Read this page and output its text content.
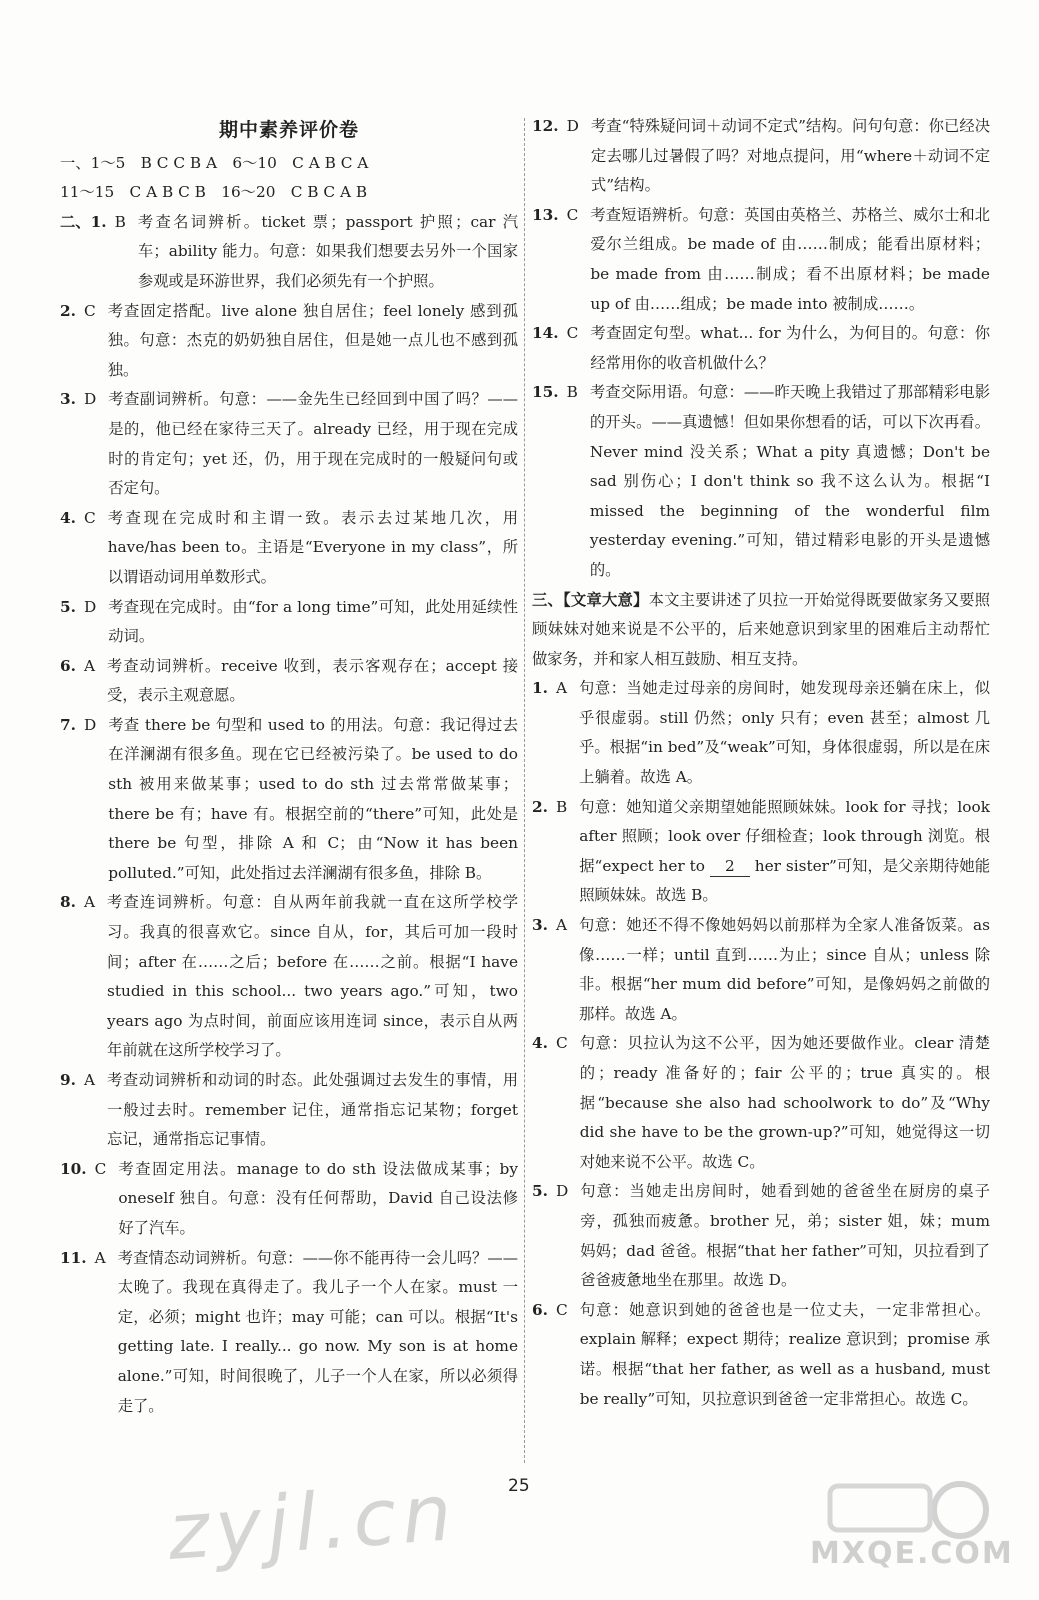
期中素养评价卷

一、1～5　B C C B A　6～10　C A B C A

11～15　C A B C B　16～20　C B C A B

二、1. B 考查名词辨析。ticket 票；passport 护照；car 汽车；ability 能力。句意：如果我们想要去另外一个国家参观或是环游世界，我们必须先有一个护照。
2. C 考查固定搭配。live alone 独自居住；feel lonely 感到孤独。句意：杰克的奶奶独自居住，但是她一点儿也不感到孤独。
3. D 考查副词辨析。句意：——金先生已经回到中国了吗？——是的，他已经在家待三天了。already 已经，用于现在完成时的肯定句；yet 还，仍，用于现在完成时的一般疑问句或否定句。
4. C 考查现在完成时和主谓一致。表示去过某地几次，用 have/has been to。主语是“Everyone in my class”，所以谓语动词用单数形式。
5. D 考查现在完成时。由“for a long time”可知，此处用延续性动词。
6. A 考查动词辨析。receive 收到，表示客观存在；accept 接受，表示主观意愿。
7. D 考查 there be 句型和 used to 的用法。句意：我记得过去在洋澜湖有很多鱼。现在它已经被污染了。be used to do sth 被用来做某事；used to do sth 过去常常做某事；there be 有；have 有。根据空前的“there”可知，此处是 there be 句型，排除 A 和 C；由“Now it has been polluted.”可知，此处指过去洋澜湖有很多鱼，排除 B。
8. A 考查连词辨析。句意：自从两年前我就一直在这所学校学习。我真的很喜欢它。since 自从，for，其后可加一段时间；after 在……之后；before 在……之前。根据“I have studied in this school... two years ago.”可知，two years ago 为点时间，前面应该用连词 since，表示自从两年前就在这所学校学习了。
9. A 考查动词辨析和动词的时态。此处强调过去发生的事情，用一般过去时。remember 记住，通常指忘记某物；forget 忘记，通常指忘记事情。
10. C 考查固定用法。manage to do sth 设法做成某事；by oneself 独自。句意：没有任何帮助，David 自己设法修好了汽车。
11. A 考查情态动词辨析。句意：——你不能再待一会儿吗？——太晚了。我现在真得走了。我儿子一个人在家。must 一定，必须；might 也许；may 可能；can 可以。根据“It's getting late. I really... go now. My son is at home alone.”可知，时间很晚了，儿子一个人在家，所以必须得走了。
12. D 考查“特殊疑问词＋动词不定式”结构。问句句意：你已经决定去哪儿过暑假了吗？对地点提问，用“where＋动词不定式”结构。
13. C 考查短语辨析。句意：英国由英格兰、苏格兰、威尔士和北爱尔兰组成。be made of 由……制成；能看出原材料；be made from 由……制成；看不出原材料；be made up of 由……组成；be made into 被制成……。
14. C 考查固定句型。what... for 为什么，为何目的。句意：你经常用你的收音机做什么？
15. B 考查交际用语。句意：——昨天晚上我错过了那部精彩电影的开头。——真遗憾！但如果你想看的话，可以下次再看。Never mind 没关系；What a pity 真遗憾；Don't be sad 别伤心；I don't think so 我不这么认为。根据“I missed the beginning of the wonderful film yesterday evening.”可知，错过精彩电影的开头是遗憾的。

三、【文章大意】本文主要讲述了贝拉一开始觉得既要做家务又要照顾妹妹对她来说是不公平的，后来她意识到家里的困难后主动帮忙做家务，并和家人相互鼓励、相互支持。

1. A 句意：当她走过母亲的房间时，她发现母亲还躺在床上，似乎很虚弱。still 仍然；only 只有；even 甚至；almost 几乎。根据“in bed”及“weak”可知，身体很虚弱，所以是在床上躺着。故选 A。
2. B 句意：她知道父亲期望她能照顾妹妹。look for 寻找；look after 照顾；look over 仔细检查；look through 浏览。根据“expect her to 2 her sister”可知，是父亲期待她能照顾妹妹。故选 B。
3. A 句意：她还不得不像她妈妈以前那样为全家人准备饭菜。as 像……一样；until 直到……为止；since 自从；unless 除非。根据“her mum did before”可知，是像妈妈之前做的那样。故选 A。
4. C 句意：贝拉认为这不公平，因为她还要做作业。clear 清楚的；ready 准备好的；fair 公平的；true 真实的。根据“because she also had schoolwork to do”及“Why did she have to be the grown-up?”可知，她觉得这一切对她来说不公平。故选 C。
5. D 句意：当她走出房间时，她看到她的爸爸坐在厨房的桌子旁，孤独而疲惫。brother 兄，弟；sister 姐，妹；mum 妈妈；dad 爸爸。根据“that her father”可知，贝拉看到了爸爸疲惫地坐在那里。故选 D。
6. C 句意：她意识到她的爸爸也是一位丈夫，一定非常担心。explain 解释；expect 期待；realize 意识到；promise 承诺。根据“that her father, as well as a husband, must be really”可知，贝拉意识到爸爸一定非常担心。故选 C。
25
zyjl.cn	MXQE.COM
